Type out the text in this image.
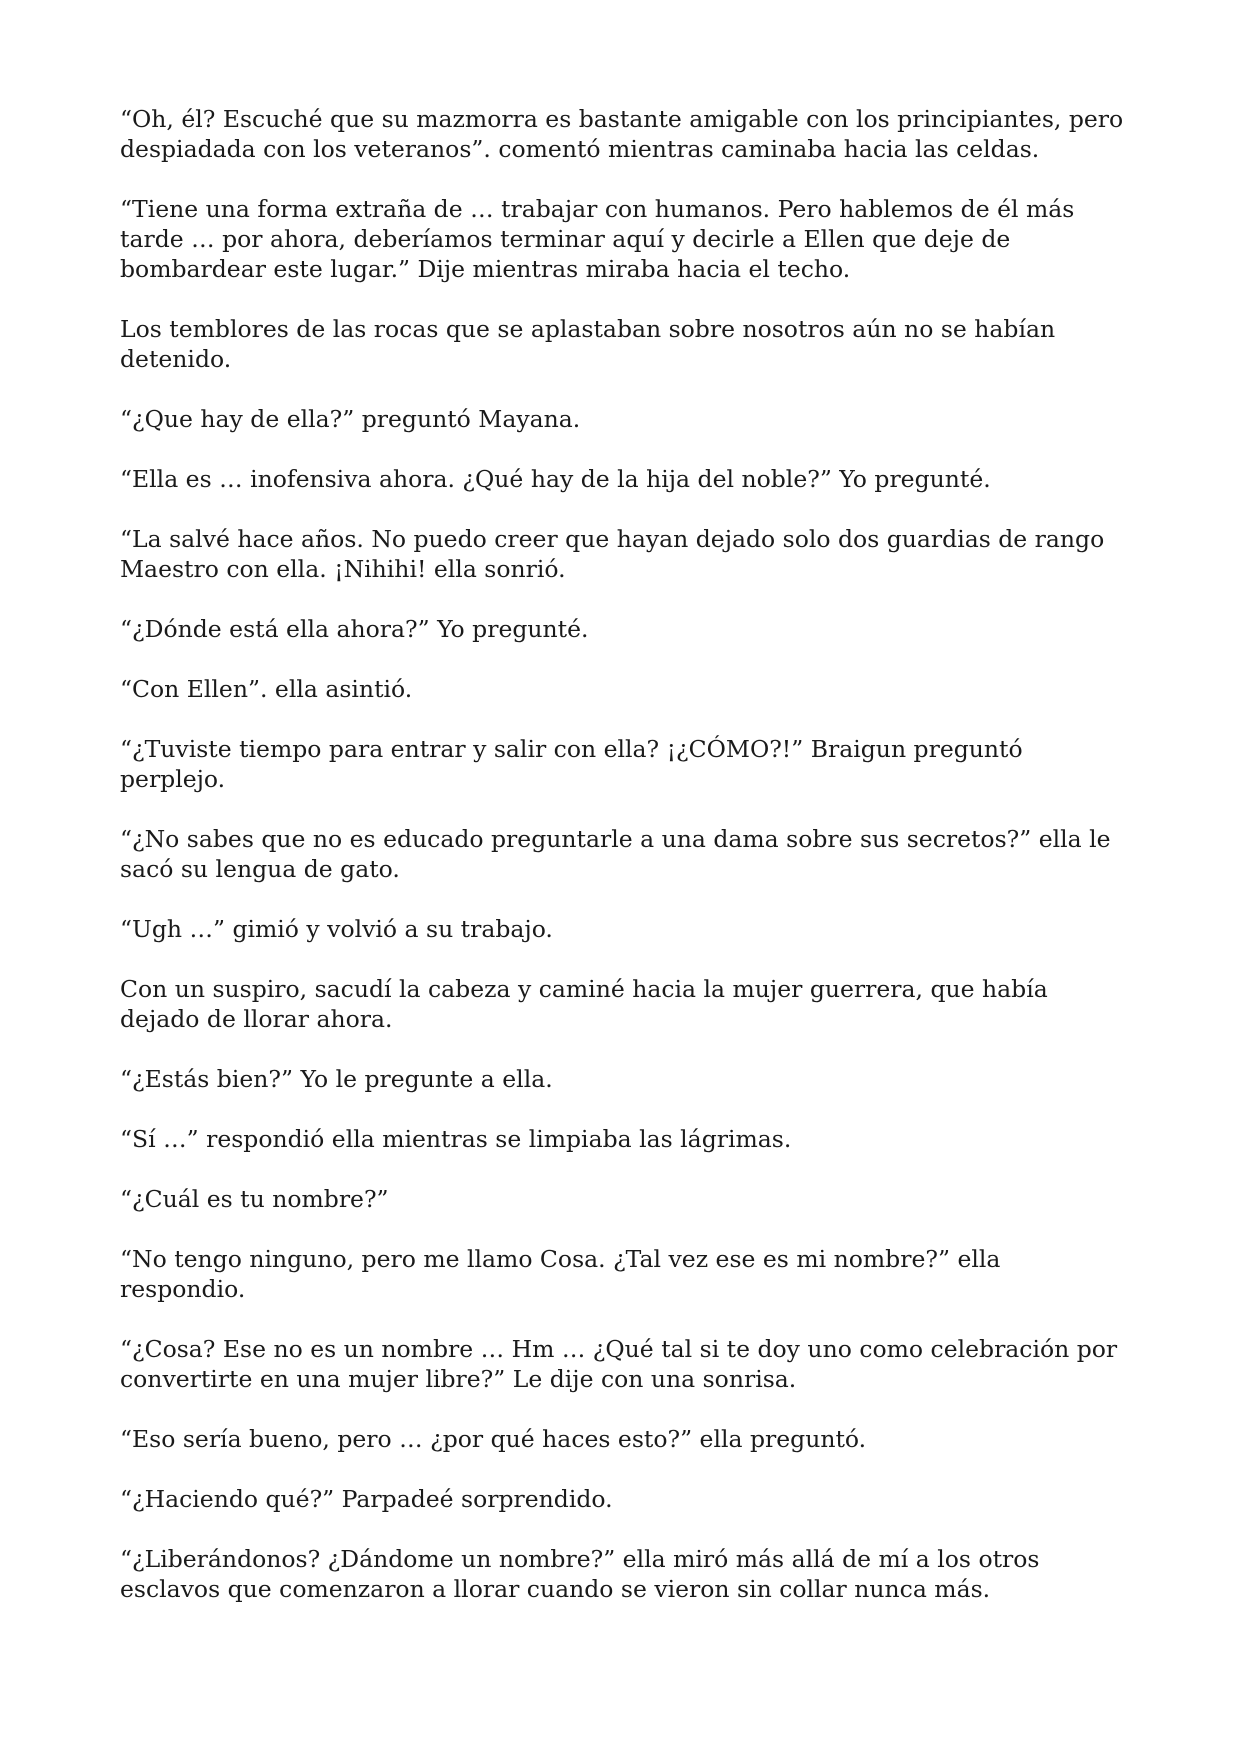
“Oh, él? Escuché que su mazmorra es bastante amigable con los principiantes, pero despiadada con los veteranos”. comentó mientras caminaba hacia las celdas.

“Tiene una forma extraña de … trabajar con humanos. Pero hablemos de él más tarde … por ahora, deberíamos terminar aquí y decirle a Ellen que deje de bombardear este lugar.” Dije mientras miraba hacia el techo.

Los temblores de las rocas que se aplastaban sobre nosotros aún no se habían detenido.

“¿Que hay de ella?” preguntó Mayana.

“Ella es … inofensiva ahora. ¿Qué hay de la hija del noble?” Yo pregunté.

“La salvé hace años. No puedo creer que hayan dejado solo dos guardias de rango Maestro con ella. ¡Nihihi! ella sonrió.

“¿Dónde está ella ahora?” Yo pregunté.

“Con Ellen”. ella asintió.

“¿Tuviste tiempo para entrar y salir con ella? ¡¿CÓMO?!” Braigun preguntó perplejo.

“¿No sabes que no es educado preguntarle a una dama sobre sus secretos?” ella le sacó su lengua de gato.

“Ugh …” gimió y volvió a su trabajo.

Con un suspiro, sacudí la cabeza y caminé hacia la mujer guerrera, que había dejado de llorar ahora.

“¿Estás bien?” Yo le pregunte a ella.

“Sí …” respondió ella mientras se limpiaba las lágrimas.

“¿Cuál es tu nombre?”

“No tengo ninguno, pero me llamo Cosa. ¿Tal vez ese es mi nombre?” ella respondio.

“¿Cosa? Ese no es un nombre … Hm … ¿Qué tal si te doy uno como celebración por convertirte en una mujer libre?” Le dije con una sonrisa.

“Eso sería bueno, pero … ¿por qué haces esto?” ella preguntó.

“¿Haciendo qué?” Parpadeé sorprendido.

“¿Liberándonos? ¿Dándome un nombre?” ella miró más allá de mí a los otros esclavos que comenzaron a llorar cuando se vieron sin collar nunca más.
